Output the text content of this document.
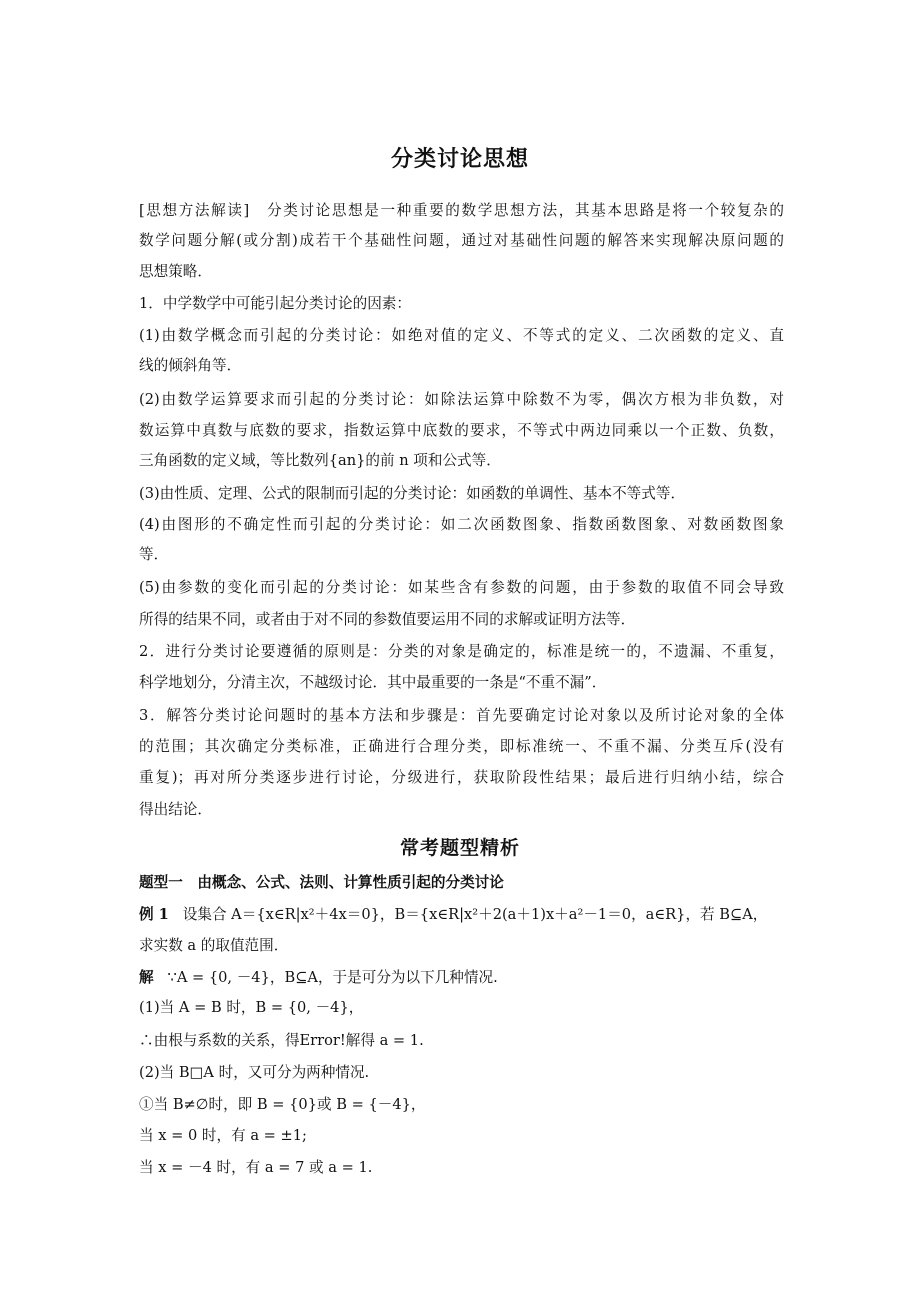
分类讨论思想
[思想方法解读]　分类讨论思想是一种重要的数学思想方法，其基本思路是将一个较复杂的
数学问题分解(或分割)成若干个基础性问题，通过对基础性问题的解答来实现解决原问题的
思想策略．
1．中学数学中可能引起分类讨论的因素：
(1)由数学概念而引起的分类讨论：如绝对值的定义、不等式的定义、二次函数的定义、直
线的倾斜角等．
(2)由数学运算要求而引起的分类讨论：如除法运算中除数不为零，偶次方根为非负数，对
数运算中真数与底数的要求，指数运算中底数的要求，不等式中两边同乘以一个正数、负数，
三角函数的定义域，等比数列{an}的前 n 项和公式等．
(3)由性质、定理、公式的限制而引起的分类讨论：如函数的单调性、基本不等式等．
(4)由图形的不确定性而引起的分类讨论：如二次函数图象、指数函数图象、对数函数图象
等．
(5)由参数的变化而引起的分类讨论：如某些含有参数的问题，由于参数的取值不同会导致
所得的结果不同，或者由于对不同的参数值要运用不同的求解或证明方法等．
2．进行分类讨论要遵循的原则是：分类的对象是确定的，标准是统一的，不遗漏、不重复，
科学地划分，分清主次，不越级讨论．其中最重要的一条是“不重不漏”．
3．解答分类讨论问题时的基本方法和步骤是：首先要确定讨论对象以及所讨论对象的全体
的范围；其次确定分类标准，正确进行合理分类，即标准统一、不重不漏、分类互斥(没有
重复)；再对所分类逐步进行讨论，分级进行，获取阶段性结果；最后进行归纳小结，综合
得出结论．
常考题型精析
题型一　由概念、公式、法则、计算性质引起的分类讨论
例 1 设集合 A＝{x∈R|x²＋4x＝0}，B＝{x∈R|x²＋2(a＋1)x＋a²－1＝0，a∈R}，若 B⊆A，
求实数 a 的取值范围．
解 ∵A = {0, －4}，B⊆A，于是可分为以下几种情况.
(1)当 A = B 时，B = {0, －4}，
∴由根与系数的关系，得Error!解得 a = 1.
(2)当 B□A 时，又可分为两种情况.
①当 B≠∅时，即 B = {0}或 B = {－4}，
当 x = 0 时，有 a = ±1;
当 x = －4 时，有 a = 7 或 a = 1.
